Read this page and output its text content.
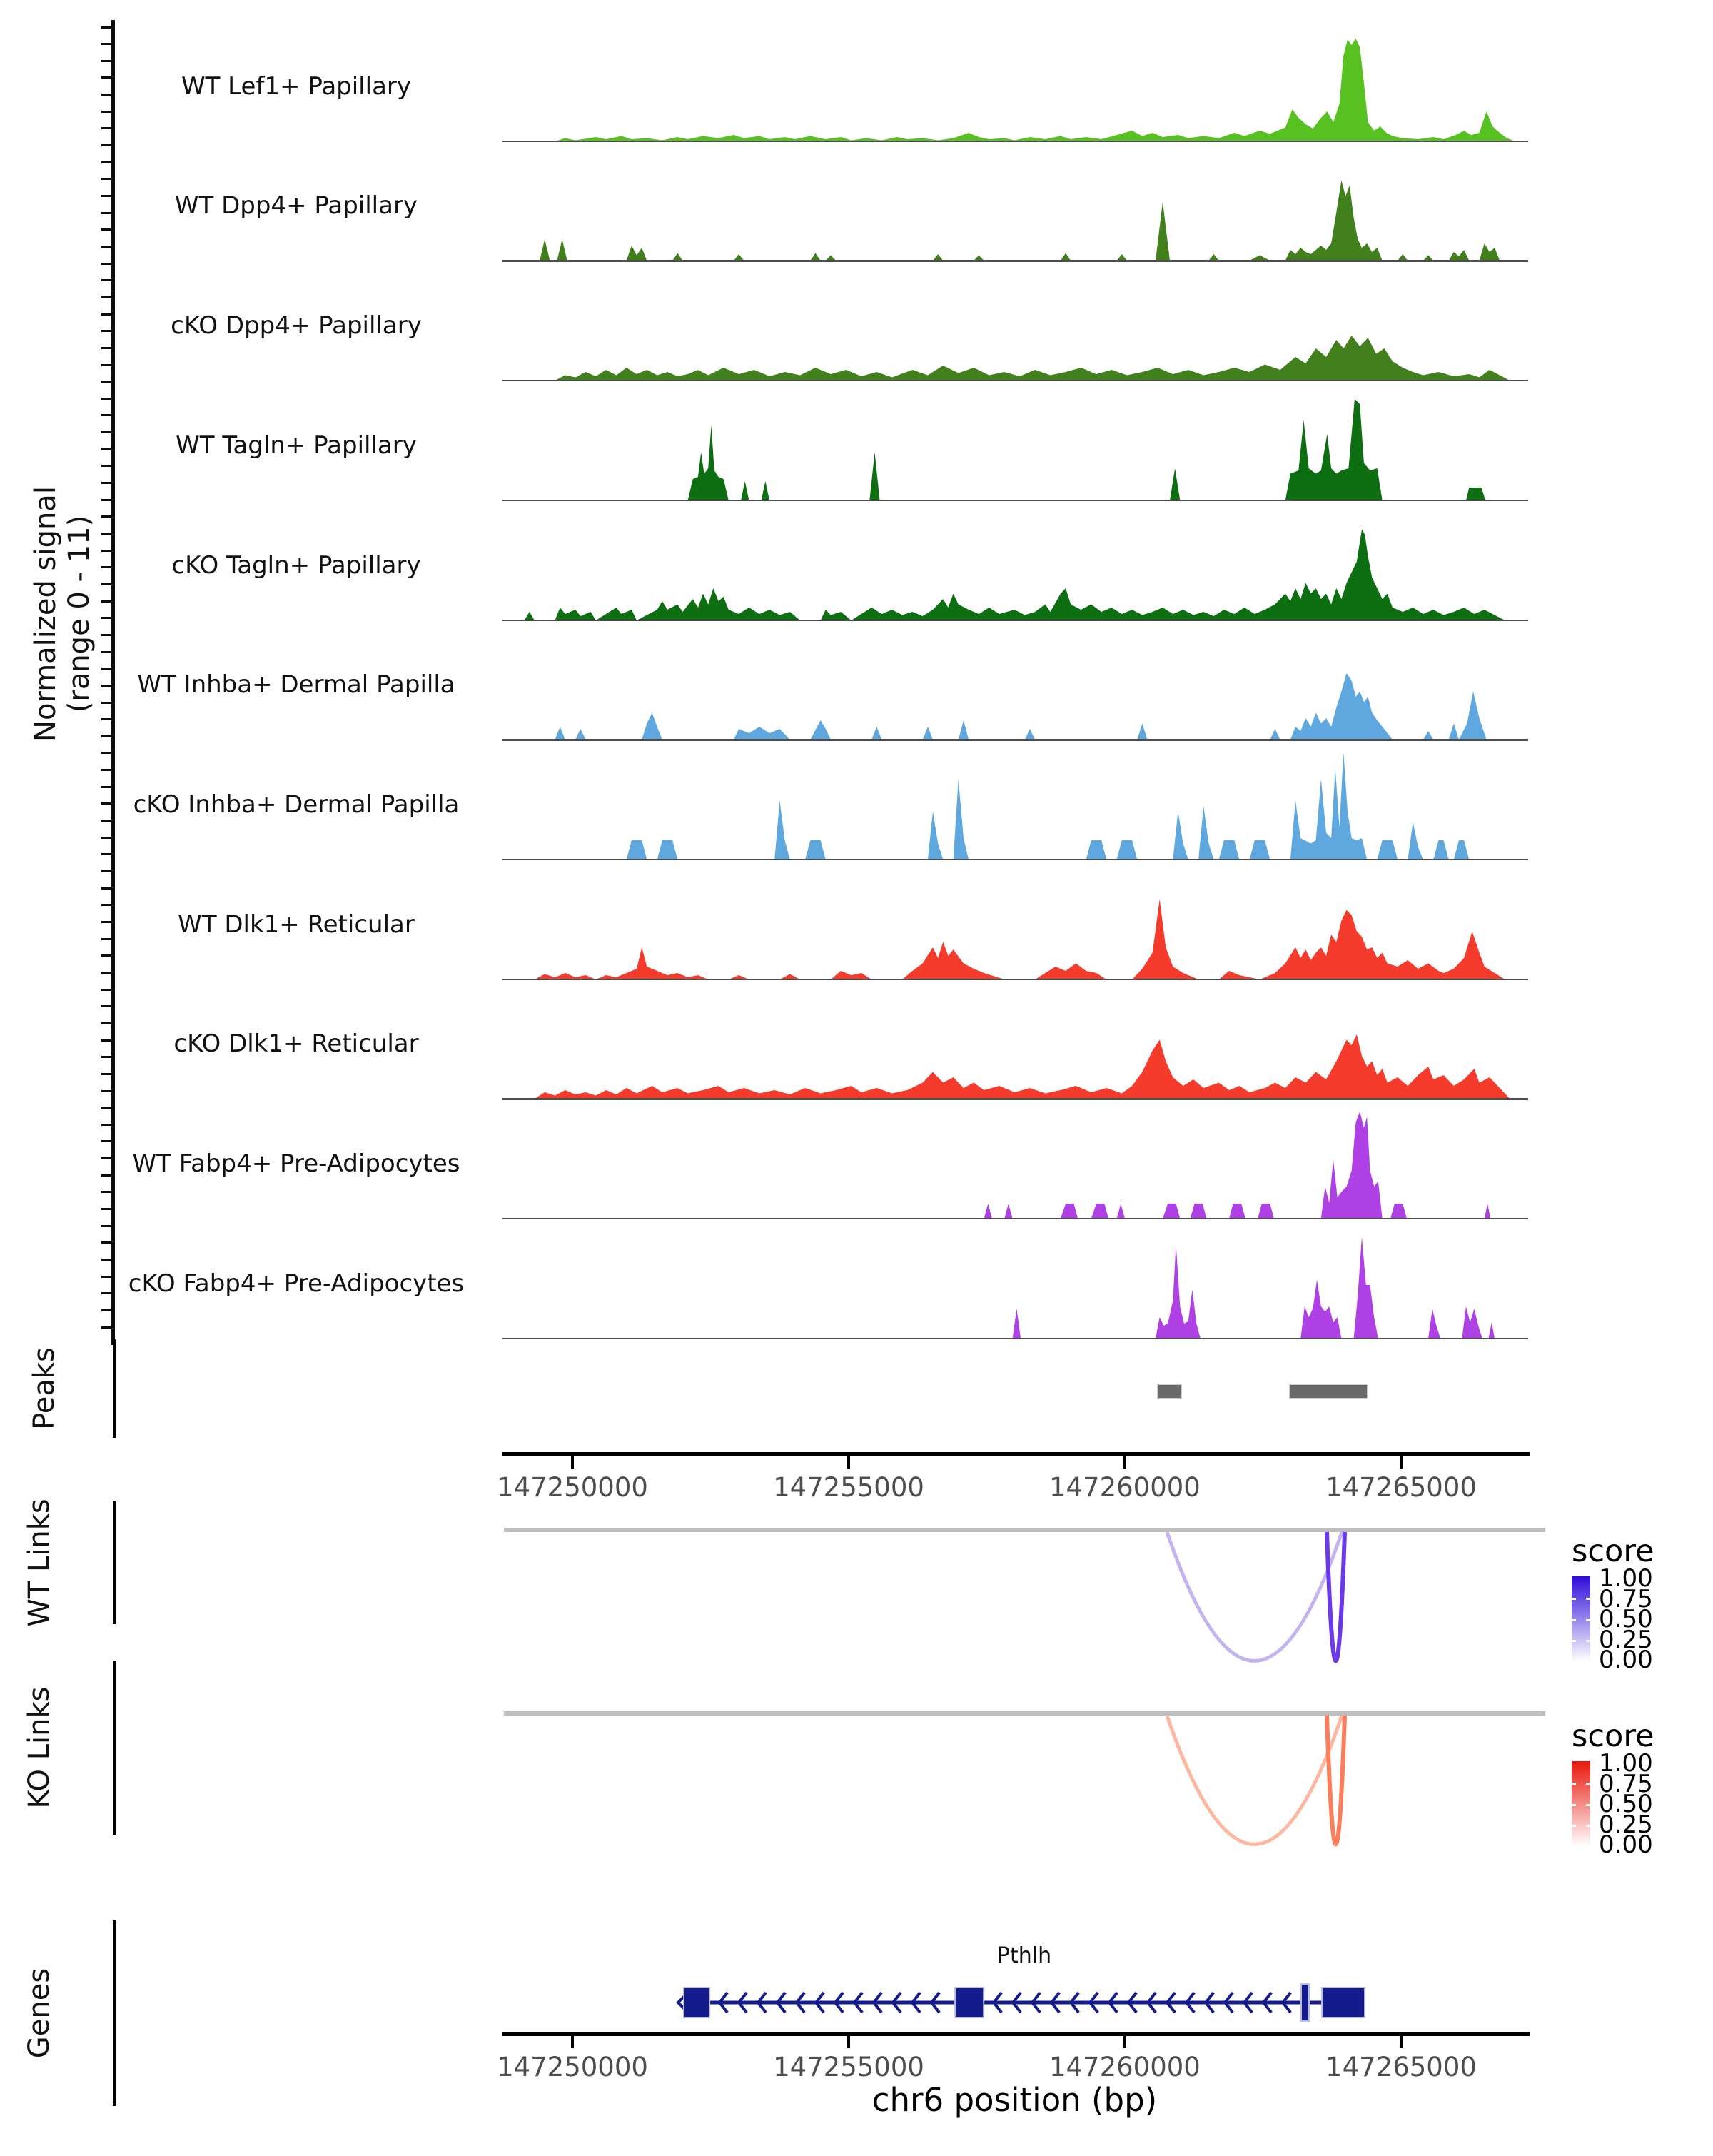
Normalized signal (range 0 - 11)
WT Lef1+ Papillary
WT Dpp4+ Papillary
cKO Dpp4+ Papillary
WT Tagln+ Papillary
cKO Tagln+ Papillary
WT Inhba+ Dermal Papilla
cKO Inhba+ Dermal Papilla
WT Dlk1+ Reticular
cKO Dlk1+ Reticular
WT Fabp4+ Pre-Adipocytes
cKO Fabp4+ Pre-Adipocytes
Peaks
WT Links
KO Links
Genes
147250000	147255000	147260000	147265000
score
1.00
0.75
0.50
0.25
0.00
score
1.00
0.75
0.50
0.25
0.00
Pthlh
147250000	147255000	147260000	147265000
chr6 position (bp)
